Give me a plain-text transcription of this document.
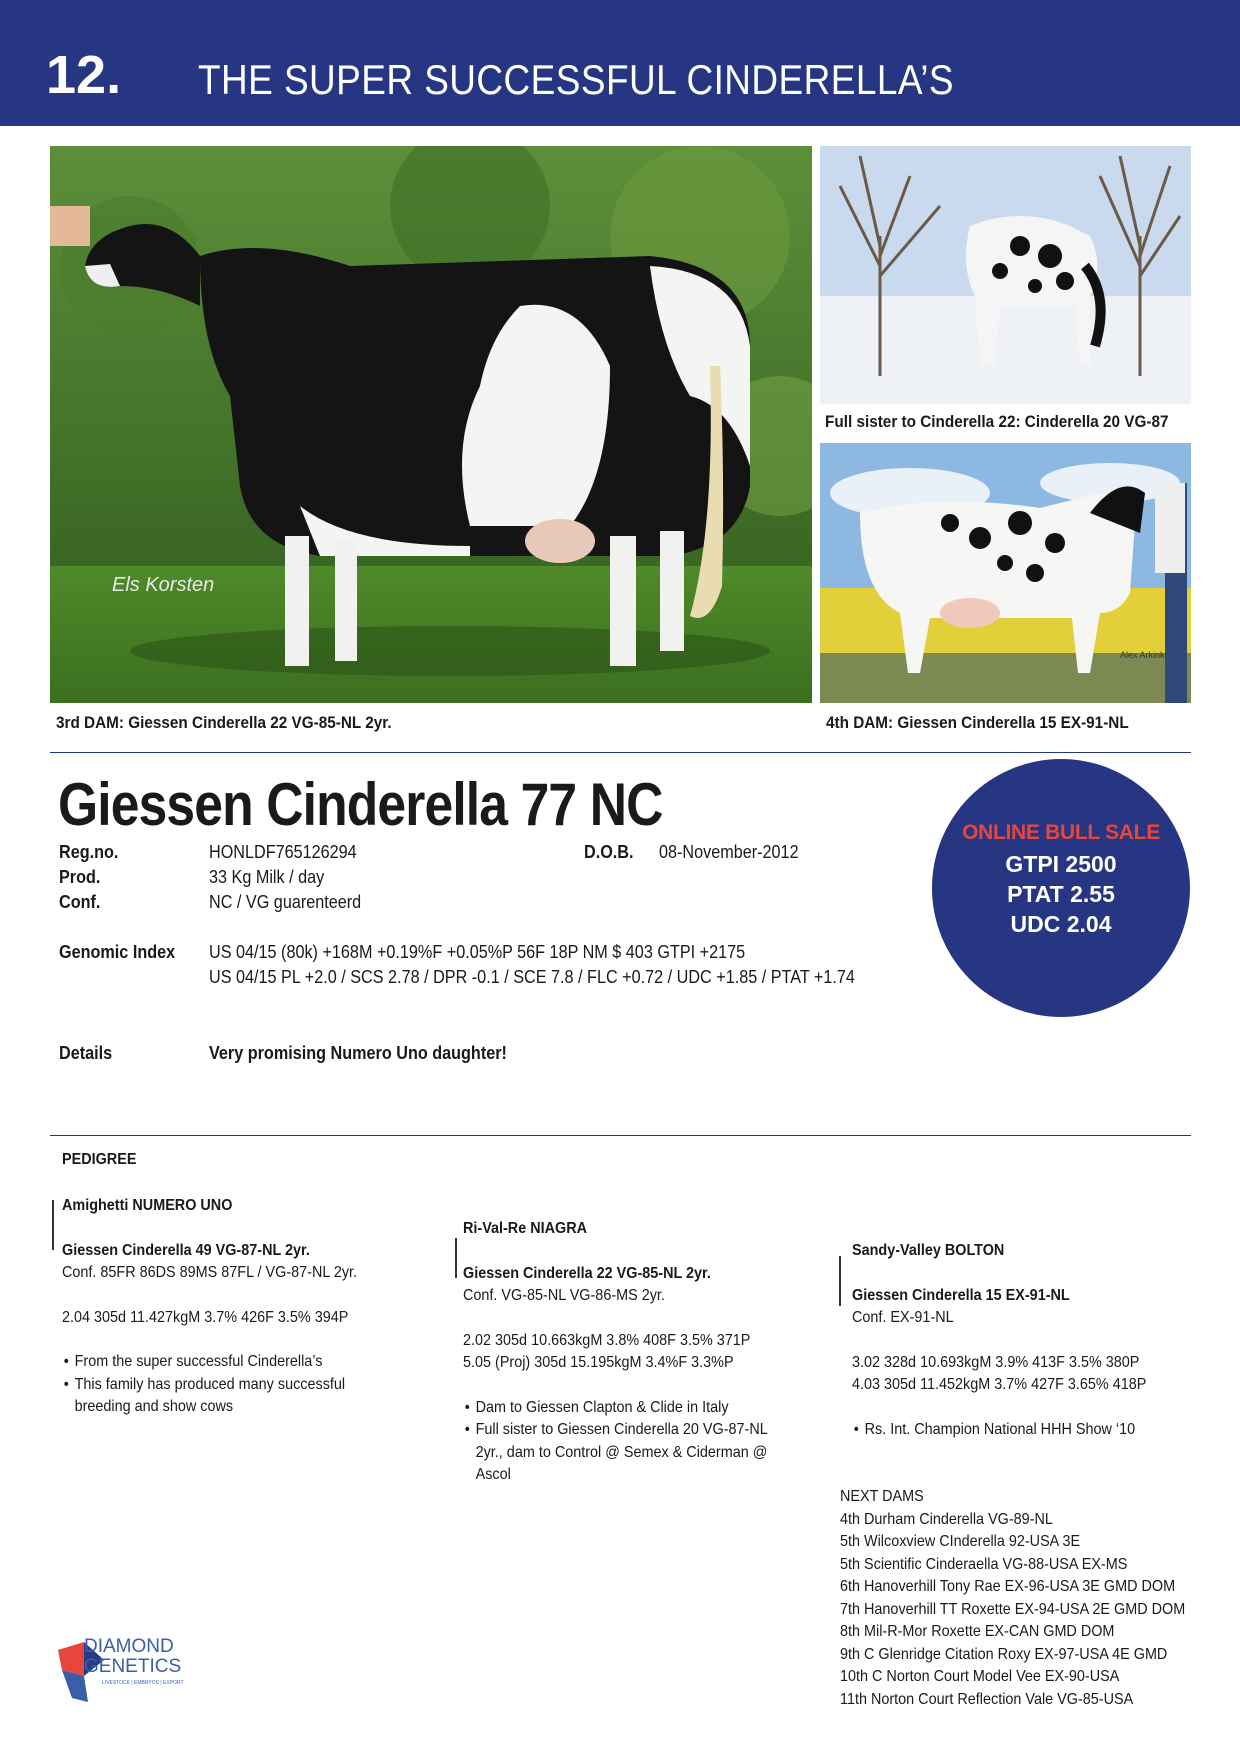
12. THE SUPER SUCCESSFUL CINDERELLA’S
Els Korsten
Full sister to Cinderella 22: Cinderella 20 VG-87
Alex Arkink
3rd DAM: Giessen Cinderella 22 VG-85-NL 2yr.	4th DAM: Giessen Cinderella 15 EX-91-NL
Giessen Cinderella 77 NC
Reg.no.	HONLDF765126294	D.O.B. 08-November-2012
Prod.	33 Kg Milk / day
Conf.	NC / VG guarenteerd
Genomic Index US 04/15 (80k) +168M +0.19%F +0.05%P 56F 18P NM $ 403 GTPI +2175
US 04/15 PL +2.0 / SCS 2.78 / DPR -0.1 / SCE 7.8 / FLC +0.72 / UDC +1.85 / PTAT +1.74
Details	Very promising Numero Uno daughter!
ONLINE BULL SALE
GTPI 2500
PTAT 2.55
UDC 2.04
PEDIGREE
Amighetti NUMERO UNO
Giessen Cinderella 49 VG-87-NL 2yr.
Conf. 85FR 86DS 89MS 87FL / VG-87-NL 2yr.
2.04 305d 11.427kgM 3.7% 426F 3.5% 394P
• From the super successful Cinderella’s
• This family has produced many successful
breeding and show cows
Ri-Val-Re NIAGRA
Giessen Cinderella 22 VG-85-NL 2yr.
Conf. VG-85-NL VG-86-MS 2yr.
2.02 305d 10.663kgM 3.8% 408F 3.5% 371P
5.05 (Proj) 305d 15.195kgM 3.4%F 3.3%P
• Dam to Giessen Clapton & Clide in Italy
• Full sister to Giessen Cinderella 20 VG-87-NL
2yr., dam to Control @ Semex & Ciderman @
Ascol
Sandy-Valley BOLTON
Giessen Cinderella 15 EX-91-NL
Conf. EX-91-NL
3.02 328d 10.693kgM 3.9% 413F 3.5% 380P
4.03 305d 11.452kgM 3.7% 427F 3.65% 418P
• Rs. Int. Champion National HHH Show ‘10
NEXT DAMS
4th Durham Cinderella VG-89-NL
5th Wilcoxview CInderella 92-USA 3E
5th Scientific Cinderaella VG-88-USA EX-MS
6th Hanoverhill Tony Rae EX-96-USA 3E GMD DOM
7th Hanoverhill TT Roxette EX-94-USA 2E GMD DOM
8th Mil-R-Mor Roxette EX-CAN GMD DOM
9th C Glenridge Citation Roxy EX-97-USA 4E GMD
10th C Norton Court Model Vee EX-90-USA
11th Norton Court Reflection Vale VG-85-USA
DIAMOND
GENETICS
LIVESTOCK | EMBRYOS | EXPORT
